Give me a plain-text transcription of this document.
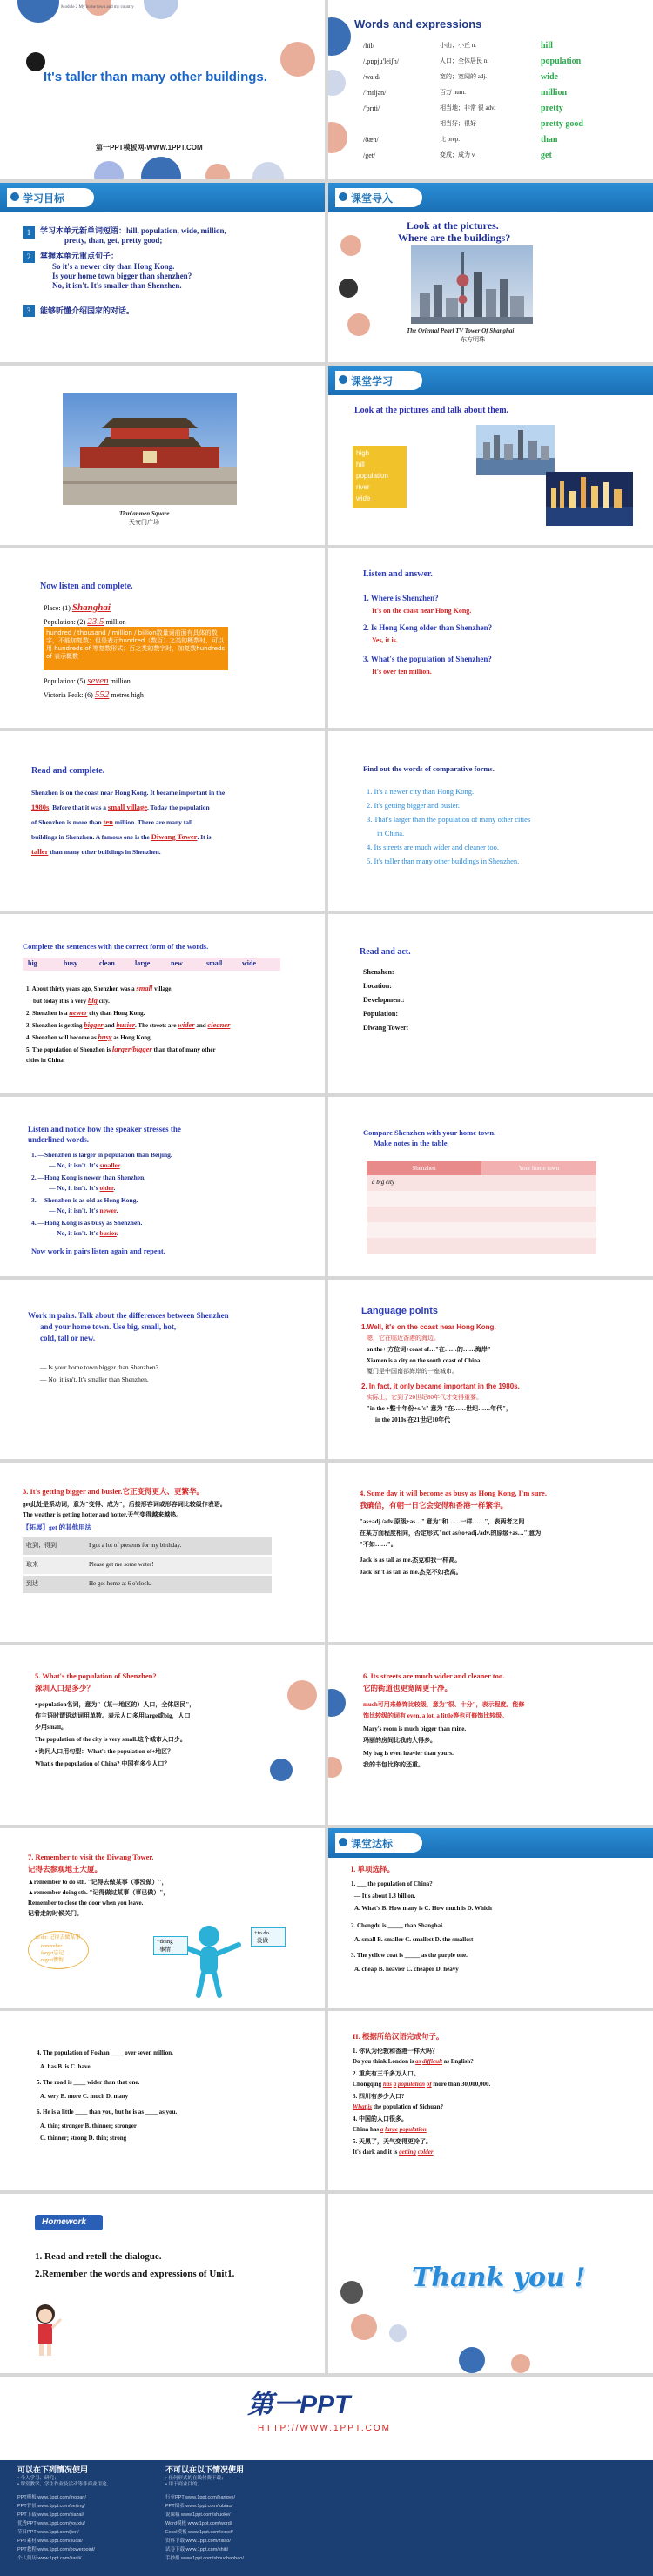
Module 2 My home town and my country
It's taller than many other buildings.
第一PPT模板网-WWW.1PPT.COM
Words and expressions
/hil/	小山；小丘 n.	hill
/.pɒpju'leiʃn/	人口；全体居民 n.	population
/waɪd/	宽的；宽阔的 adj.	wide
/'mɪljən/	百万 num.	million
/'prɪti/	相当地；非常 很 adv.	pretty
相当好；很好	pretty good
/ðæn/	比 prep.	than
/get/	变成；成为 v.	get
学习目标
1	学习本单元新单词短语：hill, population, wide, million,
pretty, than, get, pretty good;
2	掌握本单元重点句子：
So it's a newer city than Hong Kong.
Is your home town bigger than shenzhen?
No, it isn't. It's smaller than Shenzhen.
3	能够听懂介绍国家的对话。
课堂导入
Look at the pictures.
Where are the buildings?
The Oriental Pearl TV Tower Of Shanghai
东方明珠
Tian'anmen Square
天安门广场
课堂学习
Look at the pictures and talk about them.
high
hill
population
river
wide
Now listen and complete.
Place: (1) Shanghai
Population: (2) 23.5 million
hundred / thousand / million / billion数量词前面有具体的数字，不能加复数；但是表示hundred（数百）之类的概数时，可以用 hundreds of 等复数形式；百之类的数字时，加复数hundreds of 表示概数
Population: (5) seven million
Victoria Peak: (6) 552 metres high
Listen and answer.
1. Where is Shenzhen?
It's on the coast near Hong Kong.
2. Is Hong Kong older than Shenzhen?
Yes, it is.
3. What's the population of Shenzhen?
It's over ten million.
Read and complete.
Shenzhen is on the coast near Hong Kong. It became important in the
1980s. Before that it was a small village. Today the population
of Shenzhen is more than ten million. There are many tall
buildings in Shenzhen. A famous one is the Diwang Tower. It is
taller than many other buildings in Shenzhen.
Find out the words of comparative forms.
1. It's a newer city than Hong Kong.
2. It's getting bigger and busier.
3. That's larger than the population of many other cities
in China.
4. Its streets are much wider and cleaner too.
5. It's taller than many other buildings in Shenzhen.
Complete the sentences with the correct form of the words.
big	busy	clean	large	new	small	wide
1. About thirty years ago, Shenzhen was a small village,
but today it is a very big city.
2. Shenzhen is a newer city than Hong Kong.
3. Shenzhen is getting bigger and busier. The streets are wider and cleaner
4. Shenzhen will become as busy as Hong Kong.
5. The population of Shenzhen is larger/bigger than that of many other
cities in China.
Read and act.
Shenzhen:
Location:
Development:
Population:
Diwang Tower:
Listen and notice how the speaker stresses the
underlined words.
1. —Shenzhen is larger in population than Beijing.
— No, it isn't. It's smaller.
2. —Hong Kong is newer than Shenzhen.
— No, it isn't. It's older.
3. —Shenzhen is as old as Hong Kong.
— No, it isn't. It's newer.
4. —Hong Kong is as busy as Shenzhen.
— No, it isn't. It's busier.
Now work in pairs listen again and repeat.
Compare Shenzhen with your home town.
Make notes in the table.
Shenzhen	Your home town
a big city
Work in pairs. Talk about the differences between Shenzhen
and your home town. Use big, small, hot,
cold, tall or new.
— Is your home town bigger than Shenzhen?
— No, it isn't. It's smaller than Shenzhen.
Language points
1.Well, it's on the coast near Hong Kong.
嗯，它在临近香港的海边。
on the+ 方位词+coast of…"在……的……海岸"
Xiamen is a city on the south coast of China.
厦门是中国南部海岸的一座城市。
2. In fact, it only became important in the 1980s.
实际上，它到了20世纪80年代才变得重要。
"in the +整十年份+s/'s" 意为 "在……世纪……年代"，
in the 2010s 在21世纪10年代
3. It's getting bigger and busier.它正变得更大、更繁华。
get此处是系动词，意为"变得、成为"，后接形容词或形容词比较级作表语。
The weather is getting hotter and hotter.天气变得越来越热。
【拓展】get 的其他用法
收到；得到	I got a lot of presents for my birthday.
取来	Please get me some water!
到达	He got home at 6 o'clock.
4. Some day it will become as busy as Hong Kong, I'm sure.
我确信，有朝一日它会变得和香港一样繁华。
"as+adj./adv.原级+as…" 意为"和……一样……"，表两者之间
在某方面程度相同，否定形式"not as/so+adj./adv.的原级+as…" 意为
"不如……"。
Jack is as tall as me.杰克和我一样高。
Jack isn't as tall as me.杰克不如我高。
5. What's the population of Shenzhen?
深圳人口是多少？
• population名词，意为"（某一地区的）人口，全体居民"，
作主语时谓语动词用单数。表示人口多用large或big，人口
少用small。
The population of the city is very small.这个城市人口少。
• 询问人口用句型：What's the population of+地区？
What's the population of China? 中国有多少人口？
6. Its streets are much wider and cleaner too.
它的街道也更宽阔更干净。
much可用来修饰比较级，意为"很、十分"，表示程度。能修
饰比较级的词有 even, a lot, a little等也可修饰比较级。
Mary's room is much bigger than mine.
玛丽的房间比我的大得多。
My bag is even heavier than yours.
我的书包比你的还重。
7. Remember to visit the Diwang Tower.
记得去参观地王大厦。
▲remember to do sth. "记得去做某事（事没做）"，
▲remember doing sth. "记得做过某事（事已做）"，
Remember to close the door when you leave.
记着走的时候关门。
to do: 记得去做某事
remember
forget忘记
regret懊悔
+doing
事情
+to do
没做
课堂达标
I. 单项选择。
1. ___ the population of China?
— It's about 1.3 billion.
A. What's B. How many is C. How much is D. Which
2. Chengdu is _____ than Shanghai.
A. small B. smaller C. smallest D. the smallest
3. The yellow coat is _____ as the purple one.
A. cheap B. heavier C. cheaper D. heavy
4. The population of Foshan ____ over seven million.
A. has B. is C. have
5. The road is ____ wider than that one.
A. very B. more C. much D. many
6. He is a little ____ than you, but he is as ____ as you.
A. thin; stronger B. thinner; stronger
C. thinner; strong D. thin; strong
II. 根据所给汉语完成句子。
1. 你认为伦敦和香港一样大吗？
Do you think London is as difficult as English?
2. 重庆有三千多万人口。
Chongqing has a population of more than 30,000,000.
3. 四川有多少人口?
What is the population of Sichuan?
4. 中国的人口很多。
China has a large population
5. 天黑了，天气变得更冷了。
It's dark and it is getting colder.
Homework
1. Read and retell the dialogue.
2.Remember the words and expressions of Unit1.	Thank you !
第一PPT
HTTP://WWW.1PPT.COM
可以在下列情况使用
• 个人学习、研究；
• 课堂教学，学生作业及活动等非商业用途。
不可以在以下情况使用
• 任何形式的在线付费下载；
• 用于商业目的。
PPT模板 www.1ppt.com/moban/
PPT背景 www.1ppt.com/beijing/
PPT下载 www.1ppt.com/xiazai/
优秀PPT www.1ppt.com/youxiu/
节日PPT www.1ppt.com/jieri/
PPT素材 www.1ppt.com/sucai/
PPT教程 www.1ppt.com/powerpoint/
个人简历 www.1ppt.com/jianli/
行业PPT www.1ppt.com/hangye/
PPT图表 www.1ppt.com/tubiao/
说课稿 www.1ppt.com/shuoke/
Word模板 www.1ppt.com/word/
Excel模板 www.1ppt.com/excel/
资料下载 www.1ppt.com/ziliao/
试卷下载 www.1ppt.com/shiti/
手抄报 www.1ppt.com/shouchaobao/
